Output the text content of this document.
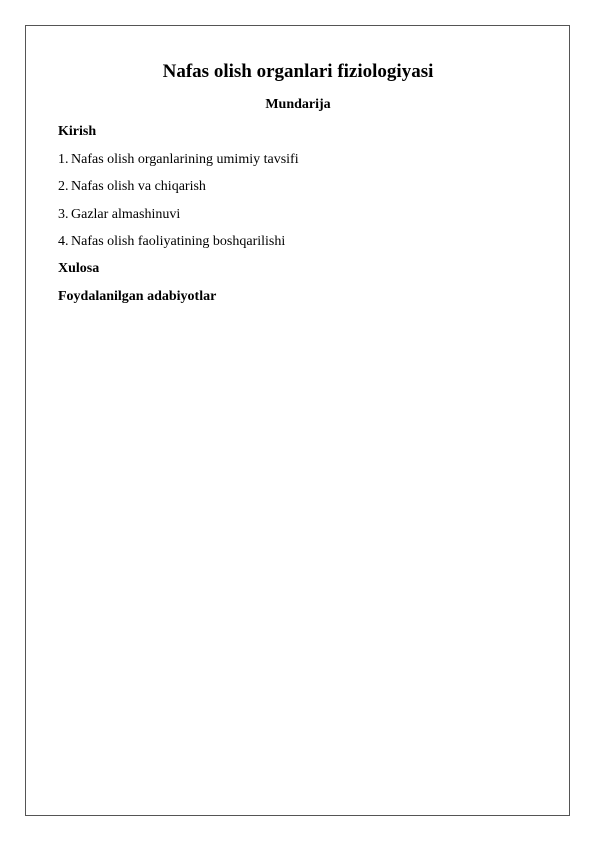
Nafas olish organlari fiziologiyasi
Mundarija
Kirish
1. Nafas olish organlarining umimiy tavsifi
2. Nafas olish va chiqarish
3. Gazlar almashinuvi
4. Nafas olish faoliyatining boshqarilishi
Xulosa
Foydalanilgan adabiyotlar
